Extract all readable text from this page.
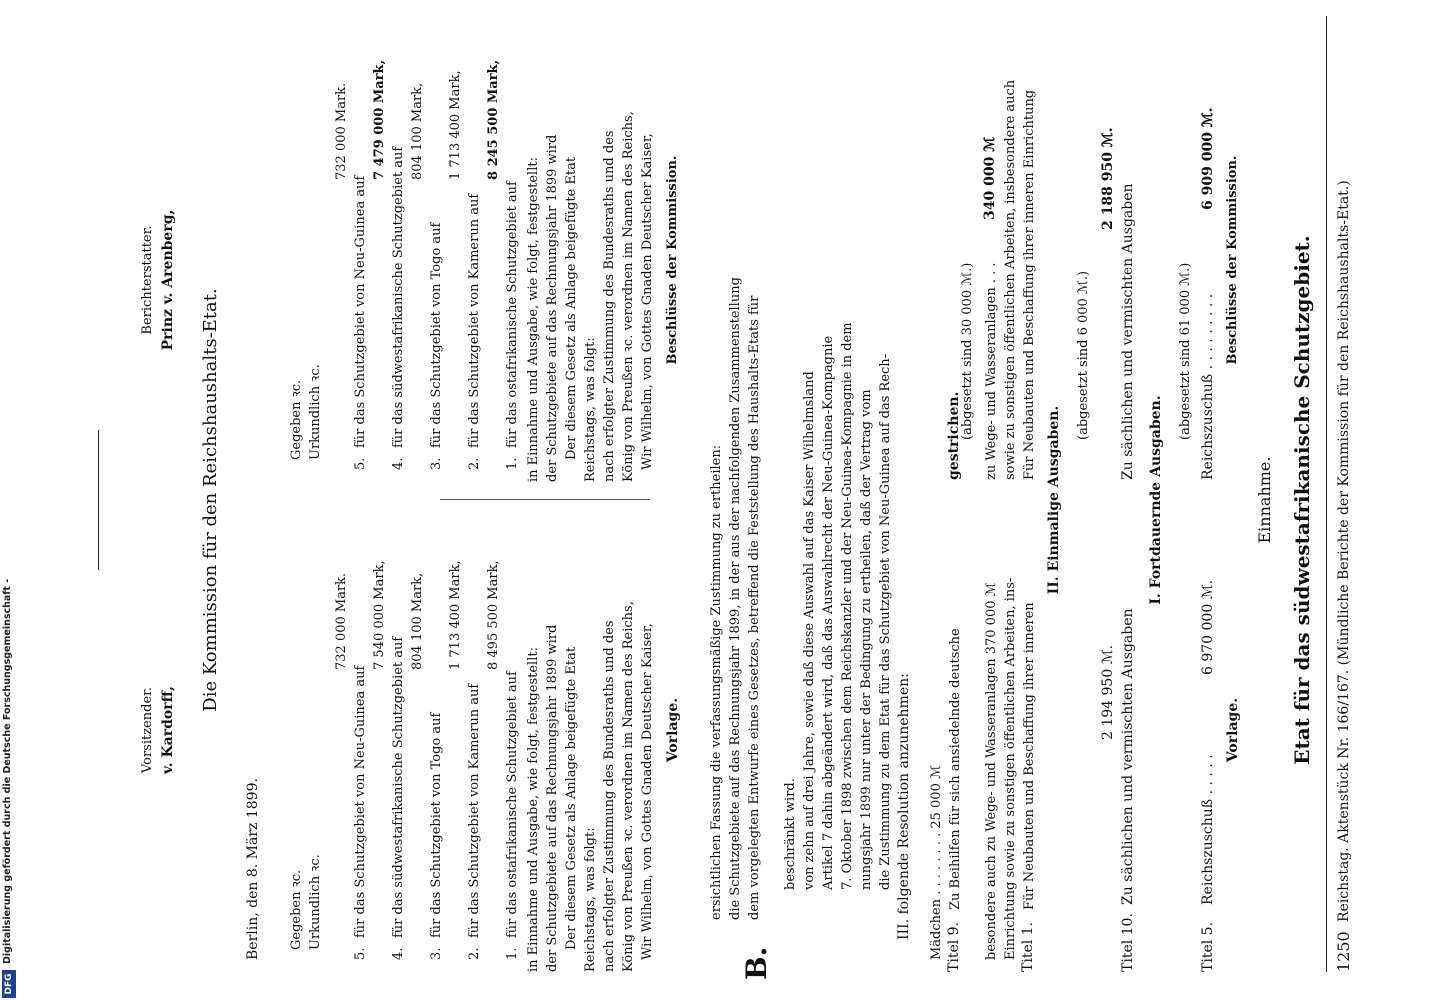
DFG
Digitalisierung gefördert durch die Deutsche Forschungsgemeinschaft -	1250
Reichstag. Aktenstück Nr. 166/167. (Mündliche Berichte der Kommission für den Reichshaushalts-Etat.)
Etat für das südwestafrikanische Schutzgebiet.
Einnahme.
Vorlage.
Beschlüsse der Kommission.
Titel 5.
Reichszuschuß . . . . .
6 970 000 ℳ.
Reichszuschuß . . . . . . . . .
6 909 000 ℳ.
(abgesetzt sind 61 000 ℳ.)
I. Fortdauernde Ausgaben.
Titel 10.
Zu sächlichen und vermischten Ausgaben
2 194 950 ℳ.
Zu sächlichen und vermischten Ausgaben
2 188 950 ℳ.
(abgesetzt sind 6 000 ℳ.)
II. Einmalige Ausgaben.
Titel 1.
Für Neubauten und Beschaffung ihrer inneren
Einrichtung sowie zu sonstigen öffentlichen Arbeiten, ins-
besondere auch zu Wege- und Wasseranlagen 370 000 ℳ
Für Neubauten und Beschaffung ihrer inneren Einrichtung
sowie zu sonstigen öffentlichen Arbeiten, insbesondere auch
zu Wege- und Wasseranlagen . . .
340 000 ℳ
(abgesetzt sind 30 000 ℳ.)
Titel 9.
Zu Beihilfen für sich ansiedelnde deutsche
Mädchen . . . . . . . . 25 000 ℳ
gestrichen.
III. folgende Resolution anzunehmen:
die Zustimmung zu dem Etat für das Schutzgebiet von Neu-Guinea auf das Rech-
nungsjahr 1899 nur unter der Bedingung zu ertheilen, daß der Vertrag vom
7. Oktober 1898 zwischen dem Reichskanzler und der Neu-Guinea-Kompagnie in dem
Artikel 7 dahin abgeändert wird, daß das Auswahlrecht der Neu-Guinea-Kompagnie
von zehn auf drei Jahre, sowie daß diese Auswahl auf das Kaiser Wilhelmsland
beschränkt wird.
B.
dem vorgelegten Entwurfe eines Gesetzes, betreffend die Feststellung des Haushalts-Etats für
die Schutzgebiete auf das Rechnungsjahr 1899, in der aus der nachfolgenden Zusammenstellung
ersichtlichen Fassung die verfassungsmäßige Zustimmung zu ertheilen:
Vorlage.
Beschlüsse der Kommission.
Wir Wilhelm, von Gottes Gnaden Deutscher Kaiser,
König von Preußen ꝛc. verordnen im Namen des Reichs,
nach erfolgter Zustimmung des Bundesraths und des
Reichstags, was folgt:
Der diesem Gesetz als Anlage beigefügte Etat
der Schutzgebiete auf das Rechnungsjahr 1899 wird
in Einnahme und Ausgabe, wie folgt, festgestellt:
1.
für das ostafrikanische Schutzgebiet auf
8 495 500 Mark,
2.
für das Schutzgebiet von Kamerun auf
1 713 400 Mark,
3.
für das Schutzgebiet von Togo auf
804 100 Mark,
4.
für das südwestafrikanische Schutzgebiet auf
7 540 000 Mark,
5.
für das Schutzgebiet von Neu-Guinea auf
732 000 Mark.
Urkundlich ꝛc.
Gegeben ꝛc.
Wir Wilhelm, von Gottes Gnaden Deutscher Kaiser,
König von Preußen ꝛc. verordnen im Namen des Reichs,
nach erfolgter Zustimmung des Bundesraths und des
Reichstags, was folgt:
Der diesem Gesetz als Anlage beigefügte Etat
der Schutzgebiete auf das Rechnungsjahr 1899 wird
in Einnahme und Ausgabe, wie folgt, festgestellt:
1.
für das ostafrikanische Schutzgebiet auf
8 245 500 Mark,
2.
für das Schutzgebiet von Kamerun auf
1 713 400 Mark,
3.
für das Schutzgebiet von Togo auf
804 100 Mark,
4.
für das südwestafrikanische Schutzgebiet auf
7 479 000 Mark,
5.
für das Schutzgebiet von Neu-Guinea auf
732 000 Mark.
Urkundlich ꝛc.
Gegeben ꝛc.
Berlin, den 8. März 1899.
Die Kommission für den Reichshaushalts-Etat.
v. Kardorff,
Vorsitzender.
Prinz v. Arenberg,
Berichterstatter.
